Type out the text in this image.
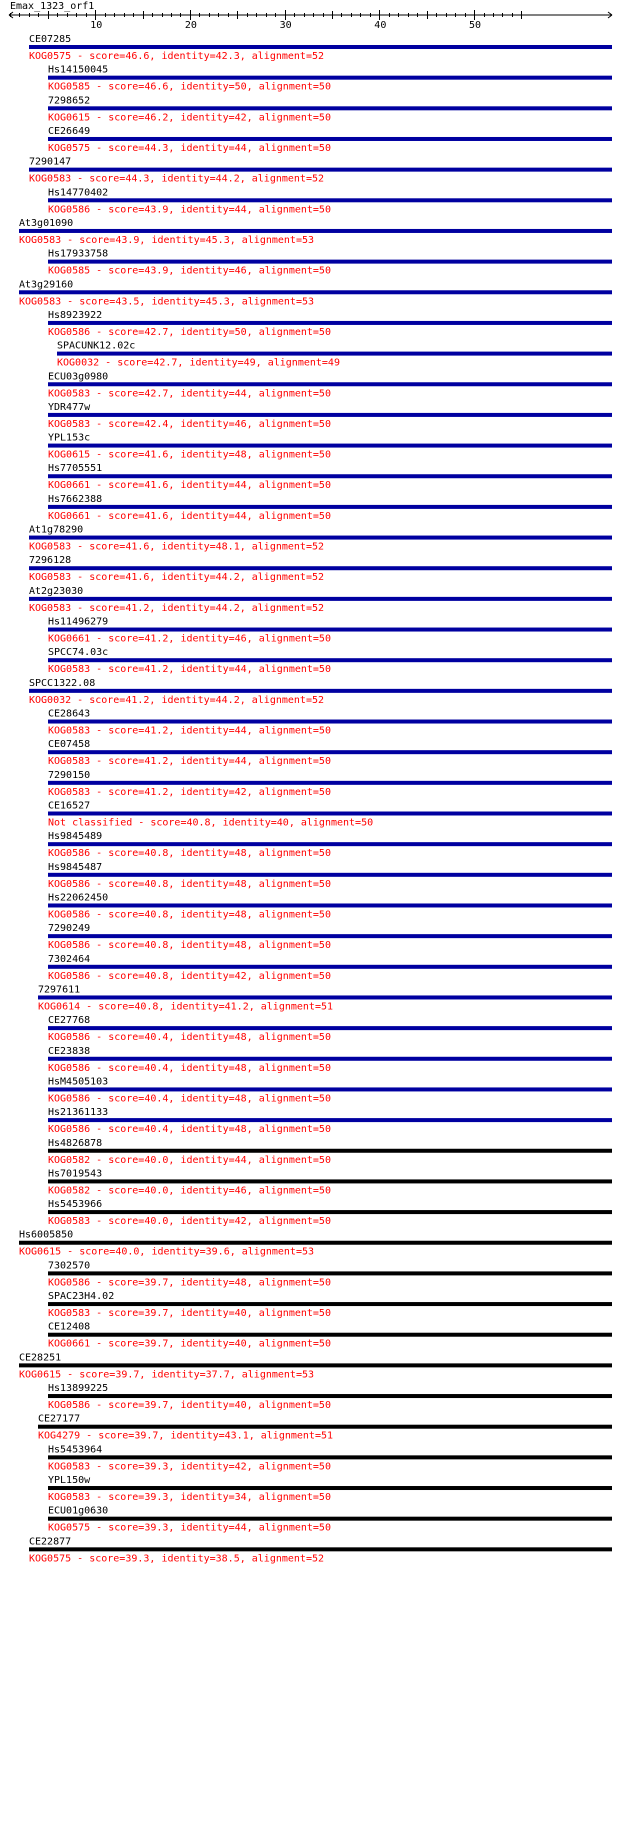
Emax_1323_orf1
10	20	30	40	50
CE07285
KOG0575 - score=46.6, identity=42.3, alignment=52
Hs14150045
KOG0585 - score=46.6, identity=50, alignment=50
7298652
KOG0615 - score=46.2, identity=42, alignment=50
CE26649
KOG0575 - score=44.3, identity=44, alignment=50
7290147
KOG0583 - score=44.3, identity=44.2, alignment=52
Hs14770402
KOG0586 - score=43.9, identity=44, alignment=50
At3g01090
KOG0583 - score=43.9, identity=45.3, alignment=53
Hs17933758
KOG0585 - score=43.9, identity=46, alignment=50
At3g29160
KOG0583 - score=43.5, identity=45.3, alignment=53
Hs8923922
KOG0586 - score=42.7, identity=50, alignment=50
SPACUNK12.02c
KOG0032 - score=42.7, identity=49, alignment=49
ECU03g0980
KOG0583 - score=42.7, identity=44, alignment=50
YDR477w
KOG0583 - score=42.4, identity=46, alignment=50
YPL153c
KOG0615 - score=41.6, identity=48, alignment=50
Hs7705551
KOG0661 - score=41.6, identity=44, alignment=50
Hs7662388
KOG0661 - score=41.6, identity=44, alignment=50
At1g78290
KOG0583 - score=41.6, identity=48.1, alignment=52
7296128
KOG0583 - score=41.6, identity=44.2, alignment=52
At2g23030
KOG0583 - score=41.2, identity=44.2, alignment=52
Hs11496279
KOG0661 - score=41.2, identity=46, alignment=50
SPCC74.03c
KOG0583 - score=41.2, identity=44, alignment=50
SPCC1322.08
KOG0032 - score=41.2, identity=44.2, alignment=52
CE28643
KOG0583 - score=41.2, identity=44, alignment=50
CE07458
KOG0583 - score=41.2, identity=44, alignment=50
7290150
KOG0583 - score=41.2, identity=42, alignment=50
CE16527
Not classified - score=40.8, identity=40, alignment=50
Hs9845489
KOG0586 - score=40.8, identity=48, alignment=50
Hs9845487
KOG0586 - score=40.8, identity=48, alignment=50
Hs22062450
KOG0586 - score=40.8, identity=48, alignment=50
7290249
KOG0586 - score=40.8, identity=48, alignment=50
7302464
KOG0586 - score=40.8, identity=42, alignment=50
7297611
KOG0614 - score=40.8, identity=41.2, alignment=51
CE27768
KOG0586 - score=40.4, identity=48, alignment=50
CE23838
KOG0586 - score=40.4, identity=48, alignment=50
HsM4505103
KOG0586 - score=40.4, identity=48, alignment=50
Hs21361133
KOG0586 - score=40.4, identity=48, alignment=50
Hs4826878
KOG0582 - score=40.0, identity=44, alignment=50
Hs7019543
KOG0582 - score=40.0, identity=46, alignment=50
Hs5453966
KOG0583 - score=40.0, identity=42, alignment=50
Hs6005850
KOG0615 - score=40.0, identity=39.6, alignment=53
7302570
KOG0586 - score=39.7, identity=48, alignment=50
SPAC23H4.02
KOG0583 - score=39.7, identity=40, alignment=50
CE12408
KOG0661 - score=39.7, identity=40, alignment=50
CE28251
KOG0615 - score=39.7, identity=37.7, alignment=53
Hs13899225
KOG0586 - score=39.7, identity=40, alignment=50
CE27177
KOG4279 - score=39.7, identity=43.1, alignment=51
Hs5453964
KOG0583 - score=39.3, identity=42, alignment=50
YPL150w
KOG0583 - score=39.3, identity=34, alignment=50
ECU01g0630
KOG0575 - score=39.3, identity=44, alignment=50
CE22877
KOG0575 - score=39.3, identity=38.5, alignment=52
